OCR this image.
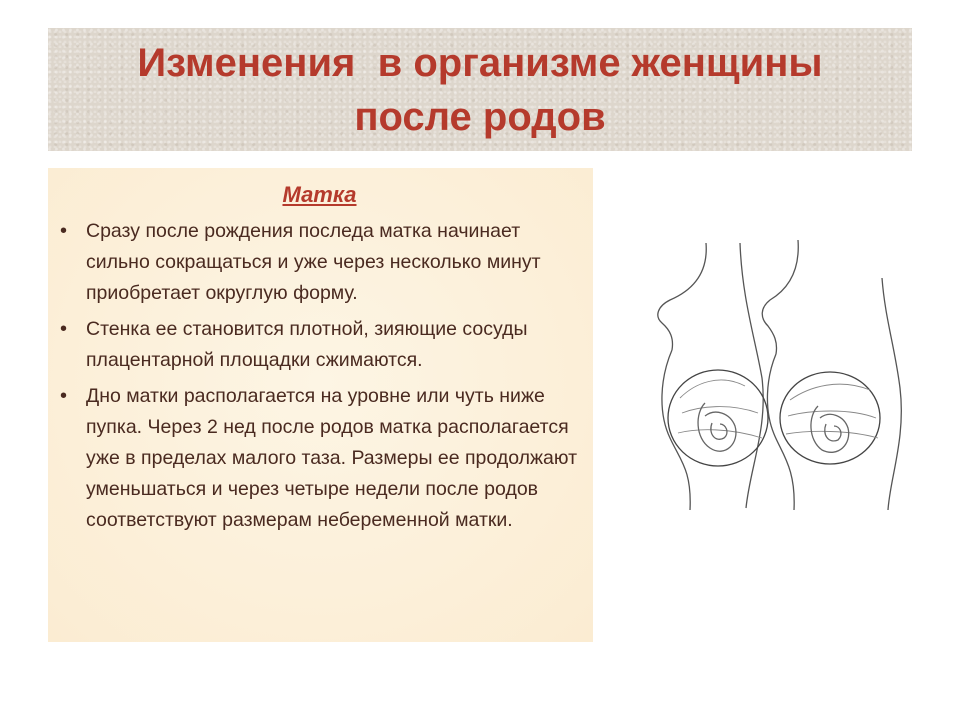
Изменения  в организме женщины
после родов
Матка
• Сразу после рождения последа матка начинает сильно сокращаться и уже через несколько минут приобретает округлую форму.
• Стенка ее становится плотной, зияющие сосуды плацентарной площадки сжимаются.
• Дно матки располагается на уровне или чуть ниже пупка. Через 2 нед после родов матка располагается уже в пределах малого таза. Размеры ее продолжают уменьшаться и через четыре недели после родов соответствуют размерам небеременной матки.
